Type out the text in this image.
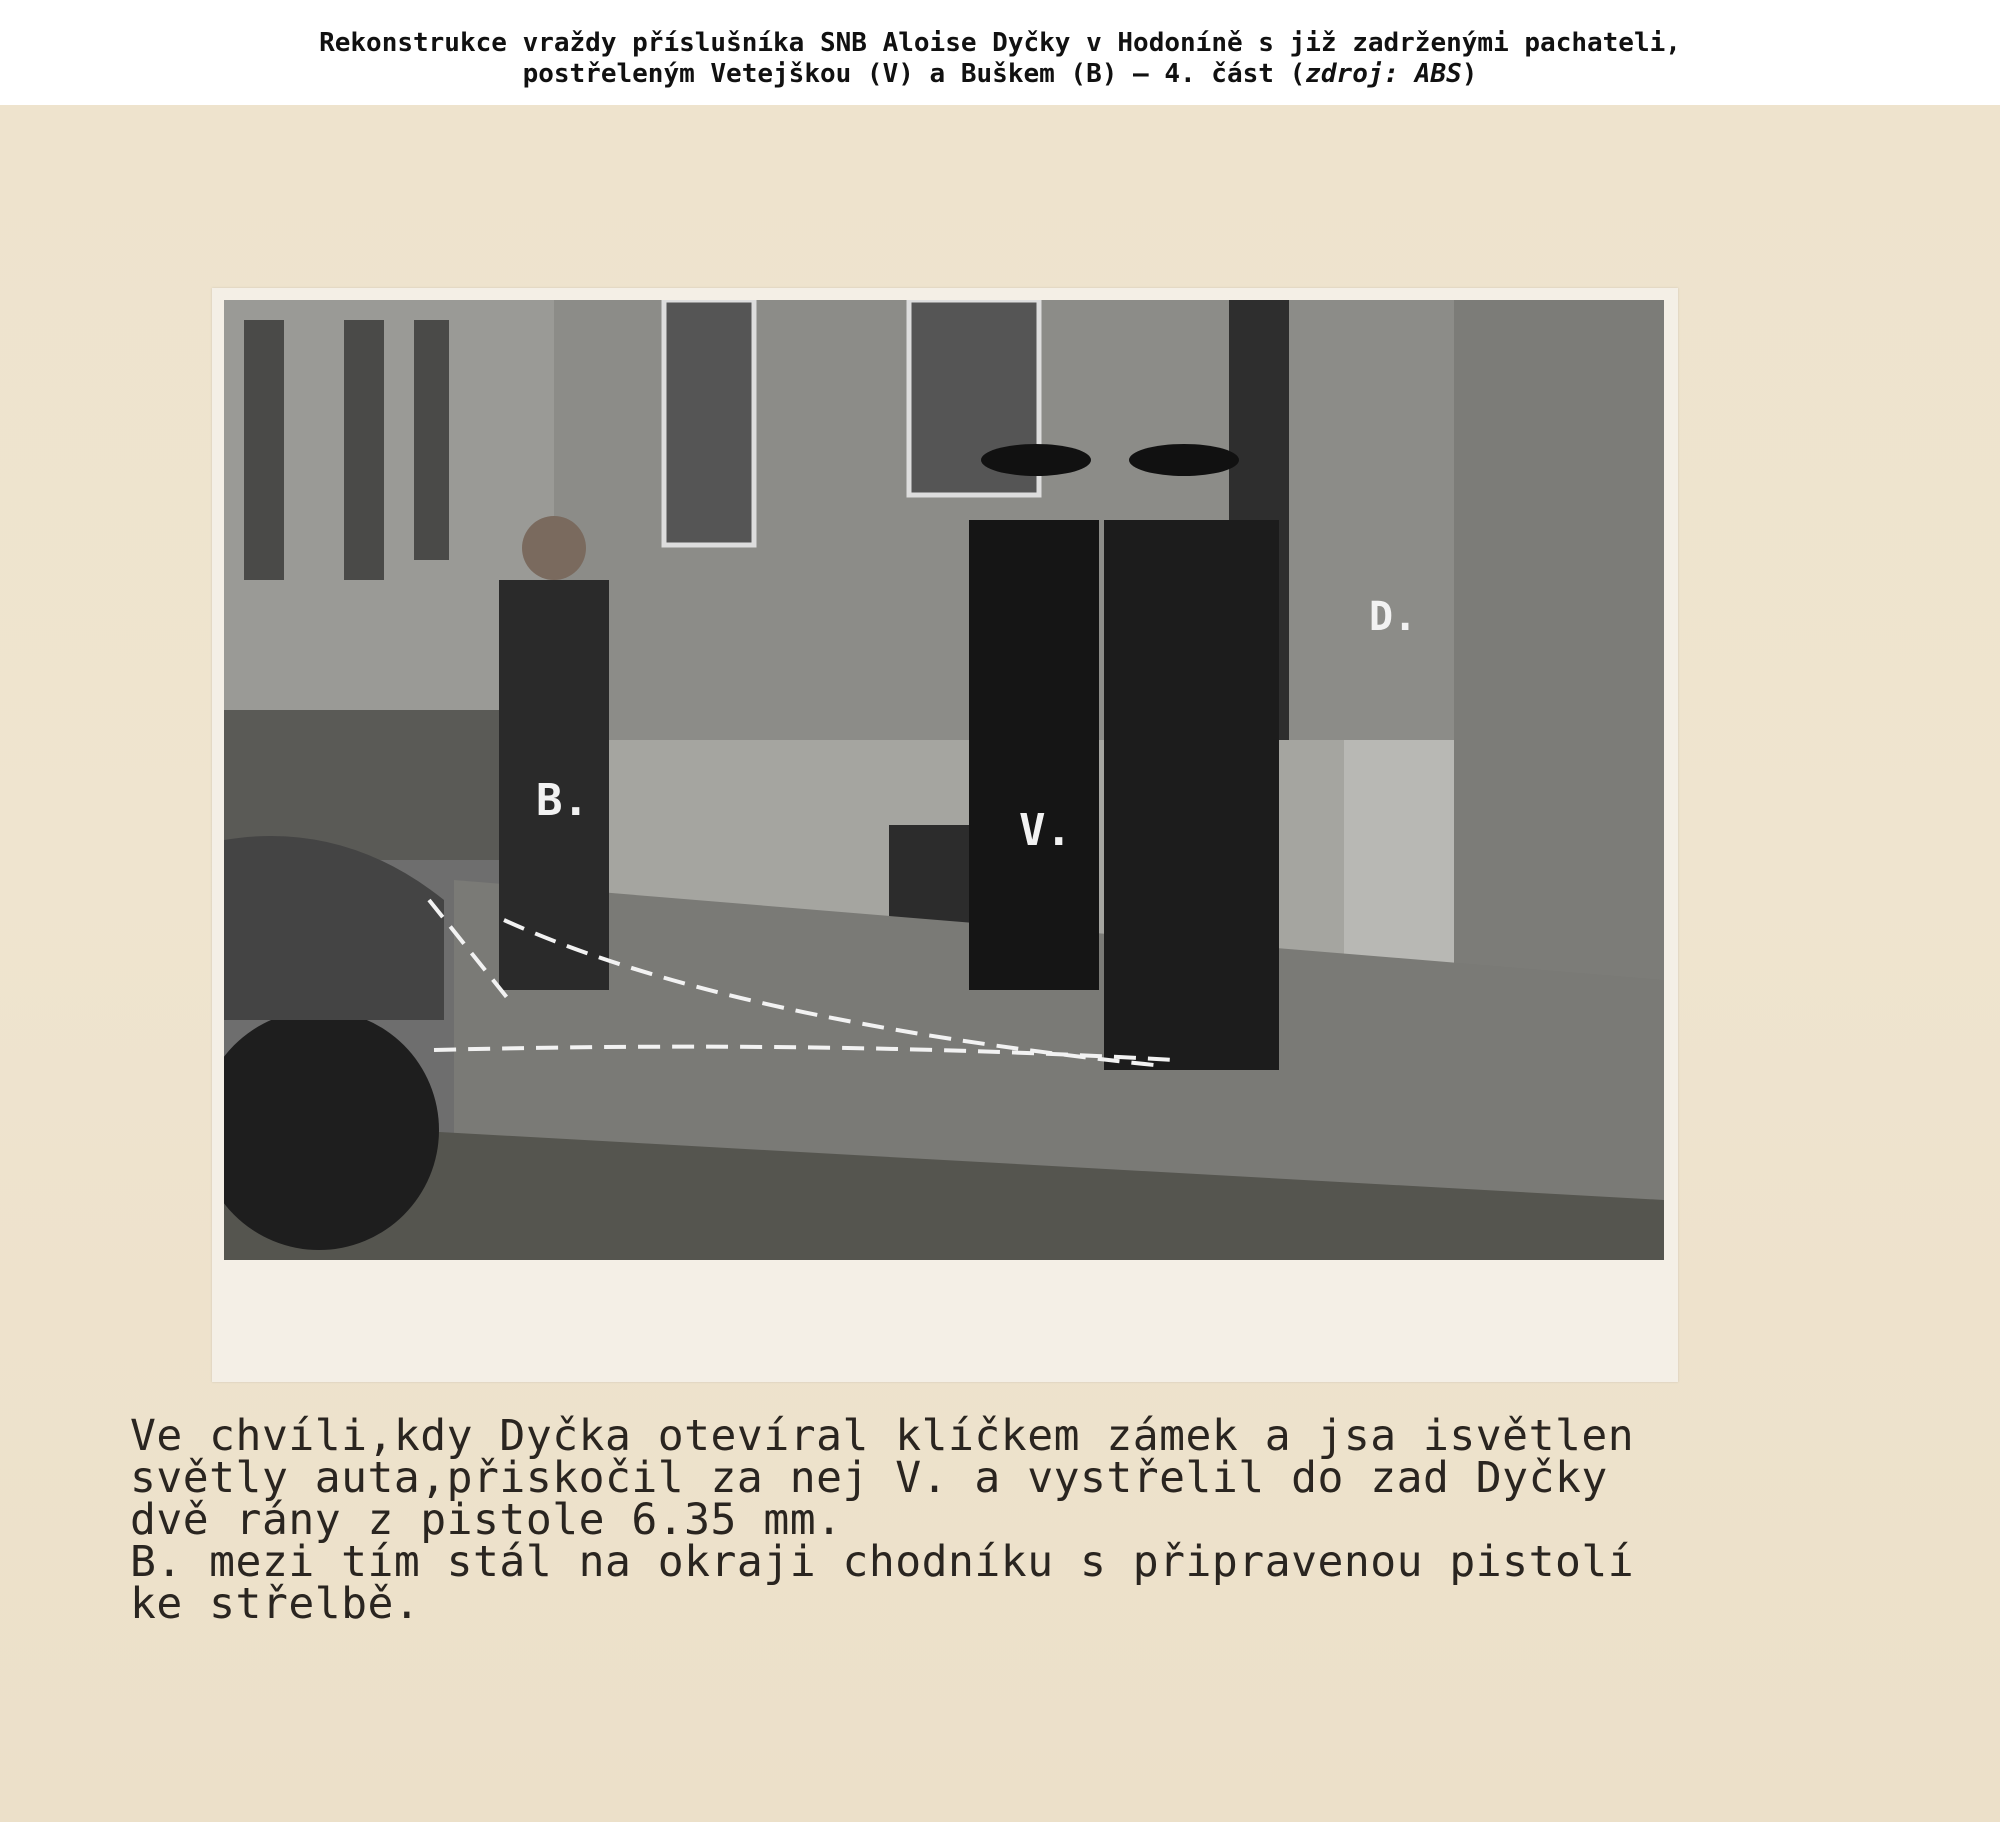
Rekonstrukce vraždy příslušníka SNB Aloise Dyčky v Hodoníně s již zadrženými pachateli,
postřeleným Vetejškou (V) a Buškem (B) – 4. část (zdroj: ABS)
B.
V.
D.
Ve chvíli,kdy Dyčka otevíral klíčkem zámek a jsa isvětlen
světly auta,přiskočil za nej V. a vystřelil do zad Dyčky
dvě rány z pistole 6.35 mm.
B. mezi tím stál na okraji chodníku s připravenou pistolí
ke střelbě.
